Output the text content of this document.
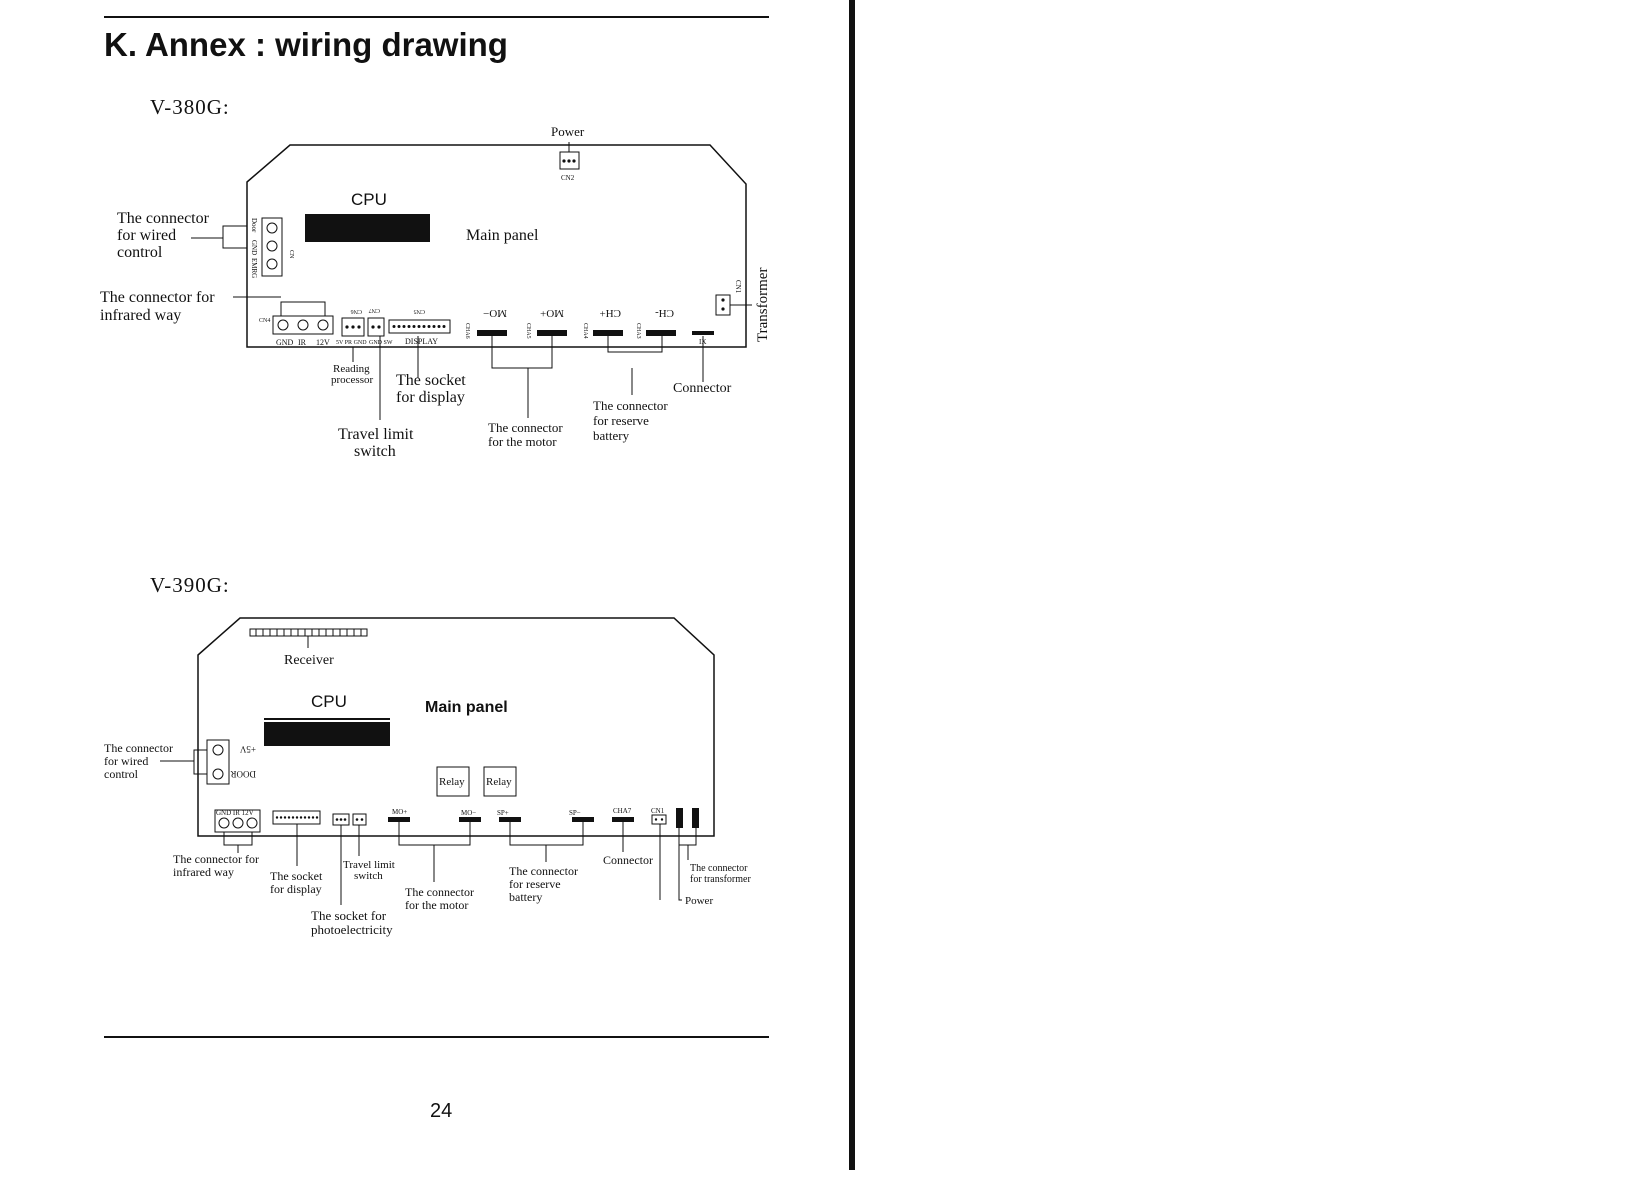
K. Annex : wiring drawing
24
V-380G:
Door
GND
EMRG
CN
CN4
GND IR 12V 5V PR GND GND SW DISPLAY
CN6 CN7	CN5
CN2
IX
CN1
MO−	MO+	CH+	CH-
CHA6	CHA5	CHA4	CHA3
CPU
Main panel
Power
Transformer
The connector
for wired
control
The connector for
infrared way
Reading
processor The socket
for display
Travel limit
switch
The connector
for the motor
The connector
for reserve
battery
Connector
V-390G:
GND IR 12V	MO+	MO−	SP+	SP−	CHA7	CN1
+5V
DOOR
CPU	Main panel
Receiver
Relay Relay
The connector
for wired
control
The connector for
infrared way	The socket
for display
Travel limit
switch
The socket for
photoelectricity
The connector
for the motor
The connector
for reserve
battery
Connector
The connector
for transformer
Power
